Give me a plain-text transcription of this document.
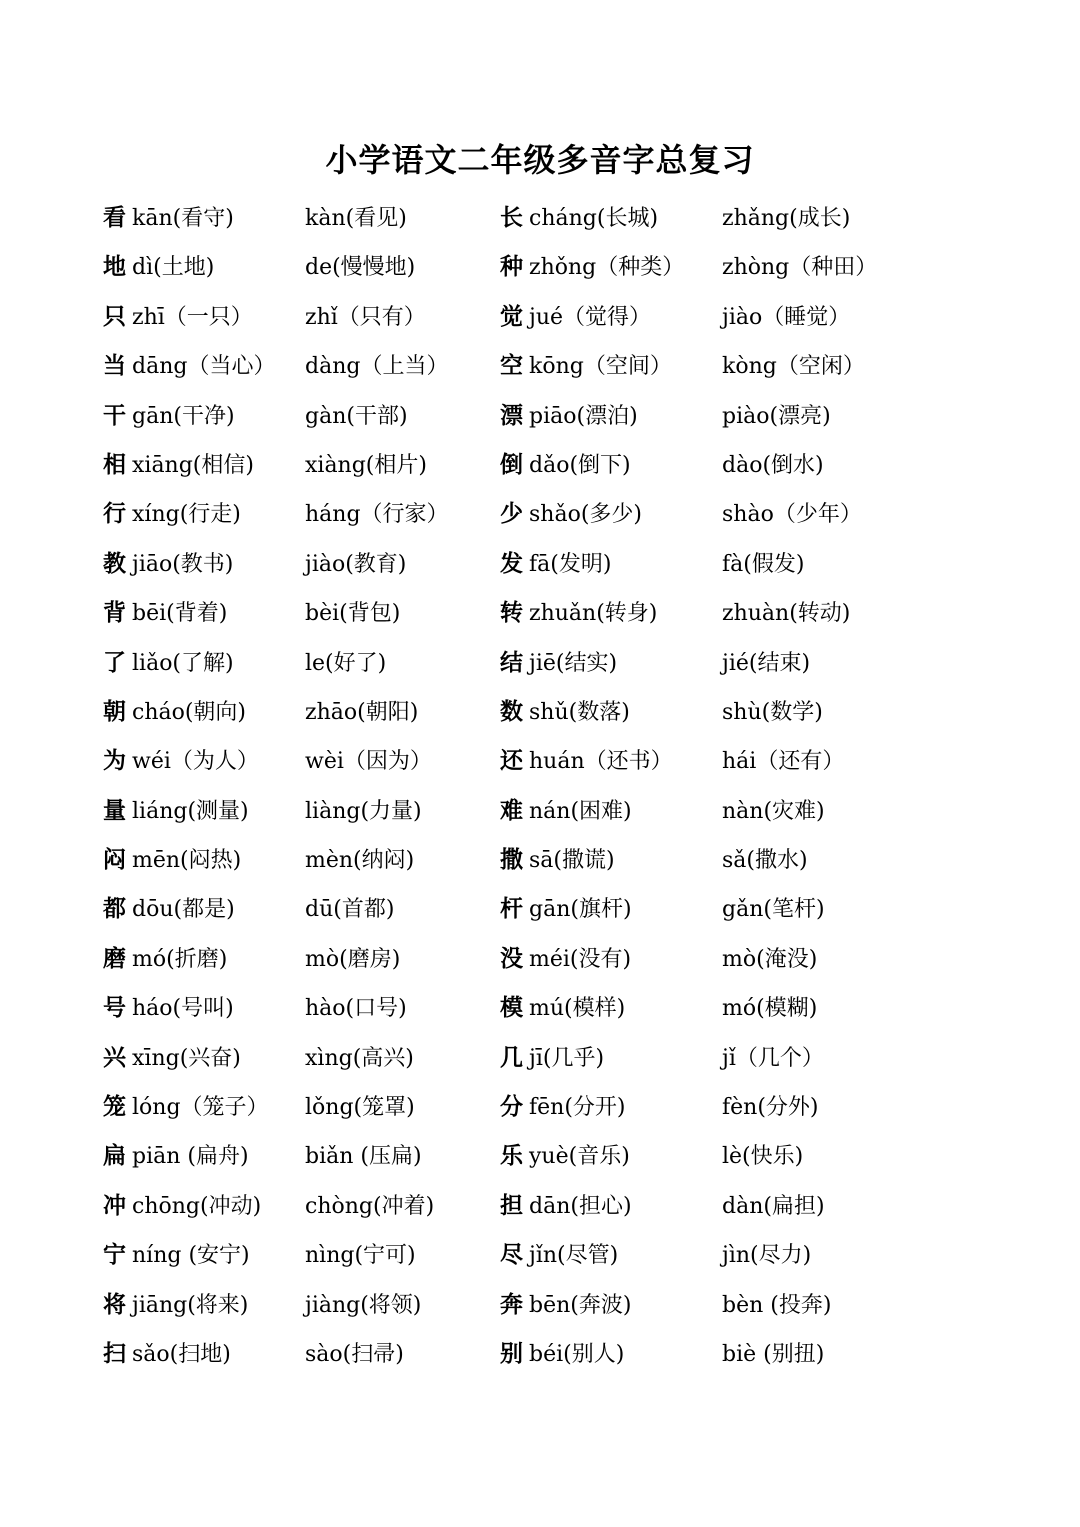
小学语文二年级多音字总复习
看 kān(看守)	kàn(看见)	长 cháng(长城)	zhǎng(成长)
地 dì(土地)	de(慢慢地)	种 zhǒng（种类） zhòng（种田）
只 zhī（一只） zhǐ（只有）	觉 jué（觉得）	jiào（睡觉）
当 dāng（当心） dàng（上当） 空 kōng（空间） kòng（空闲）
干 gān(干净)	gàn(干部)	漂 piāo(漂泊)	piào(漂亮)
相 xiāng(相信) xiàng(相片)	倒 dǎo(倒下)	dào(倒水)
行 xíng(行走)	háng（行家） 少 shǎo(多少)	shào（少年）
教 jiāo(教书)	jiào(教育)	发 fā(发明)	fà(假发)
背 bēi(背着)	bèi(背包)	转 zhuǎn(转身)	zhuàn(转动)
了 liǎo(了解)	le(好了)	结 jiē(结实)	jié(结束)
朝 cháo(朝向)	zhāo(朝阳)	数 shǔ(数落)	shù(数学)
为 wéi（为人） wèi（因为）	还 huán（还书） hái（还有）
量 liáng(测量)	liàng(力量)	难 nán(困难)	nàn(灾难)
闷 mēn(闷热)	mèn(纳闷)	撒 sā(撒谎)	sǎ(撒水)
都 dōu(都是)	dū(首都)	杆 gān(旗杆)	gǎn(笔杆)
磨 mó(折磨)	mò(磨房)	没 méi(没有)	mò(淹没)
号 háo(号叫)	hào(口号)	模 mú(模样)	mó(模糊)
兴 xīng(兴奋)	xìng(高兴)	几 jī(几乎)	jǐ（几个）
笼 lóng（笼子） lǒng(笼罩)	分 fēn(分开)	fèn(分外)
扁 piān (扁舟)	biǎn (压扁)	乐 yuè(音乐)	lè(快乐)
冲 chōng(冲动) chòng(冲着)	担 dān(担心)	dàn(扁担)
宁 níng (安宁)	nìng(宁可)	尽 jǐn(尽管)	jìn(尽力)
将 jiāng(将来)	jiàng(将领)	奔 bēn(奔波)	bèn (投奔)
扫 sǎo(扫地)	sào(扫帚)	别 béi(别人)	biè (别扭)
